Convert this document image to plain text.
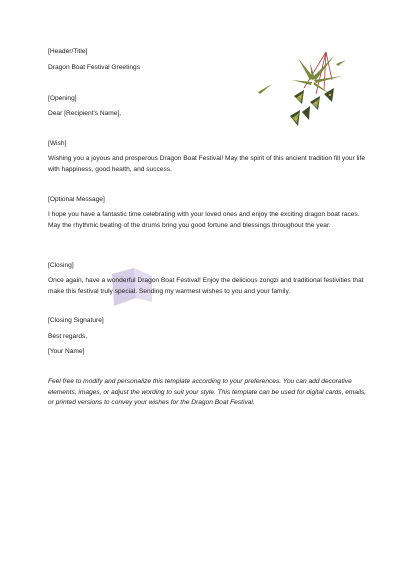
[Header/Title]
Dragon Boat Festival Greetings
[Opening]
Dear [Recipient's Name],
[Wish]
Wishing you a joyous and prosperous Dragon Boat Festival! May the spirit of this ancient tradition fill your life with happiness, good health, and success.
[Optional Message]
I hope you have a fantastic time celebrating with your loved ones and enjoy the exciting dragon boat races. May the rhythmic beating of the drums bring you good fortune and blessings throughout the year.
[Closing]
Once again, have a wonderful Dragon Boat Festival! Enjoy the delicious zongzi and traditional festivities that make this festival truly special. Sending my warmest wishes to you and your family.
[Closing Signature]
Best regards,
[Your Name]
Feel free to modify and personalize this template according to your preferences. You can add decorative elements, images, or adjust the wording to suit your style. This template can be used for digital cards, emails, or printed versions to convey your wishes for the Dragon Boat Festival.
